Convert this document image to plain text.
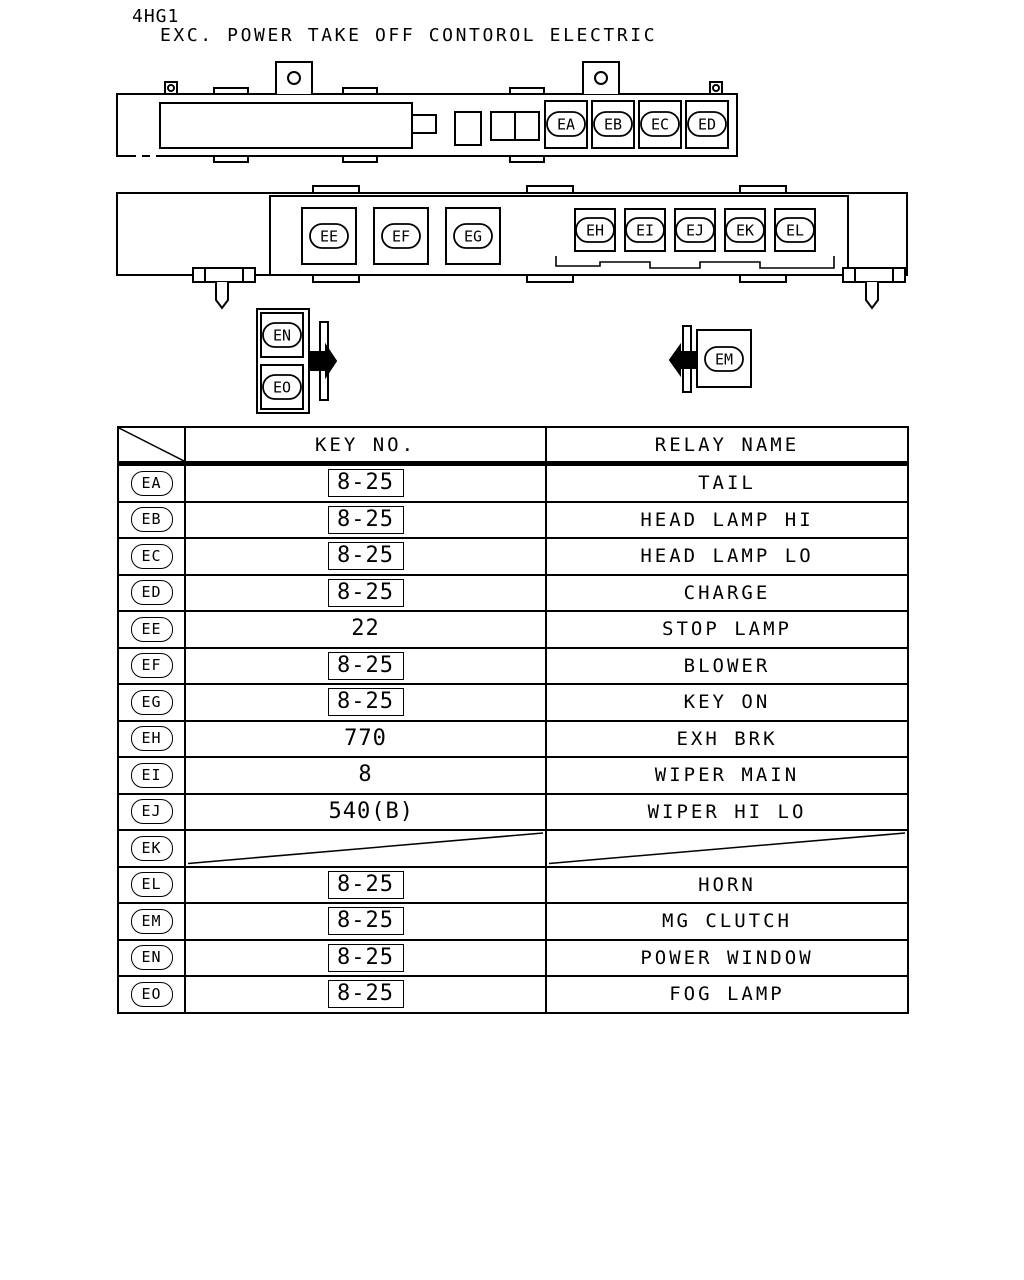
4HG1
EXC. POWER TAKE OFF CONTOROL ELECTRIC
EA EB EC ED
EE	EF	EG	EH EI EJ EK EL
EM
EN
EO
	KEY NO.	RELAY NAME
EA	8-25	TAIL
EB	8-25	HEAD LAMP HI
EC	8-25	HEAD LAMP LO
ED	8-25	CHARGE
EE	22	STOP LAMP
EF	8-25	BLOWER
EG	8-25	KEY ON
EH	770	EXH BRK
EI	8	WIPER MAIN
EJ	540(B)	WIPER HI LO
EK	

EL	8-25	HORN
EM	8-25	MG CLUTCH
EN	8-25	POWER WINDOW
EO	8-25	FOG LAMP
